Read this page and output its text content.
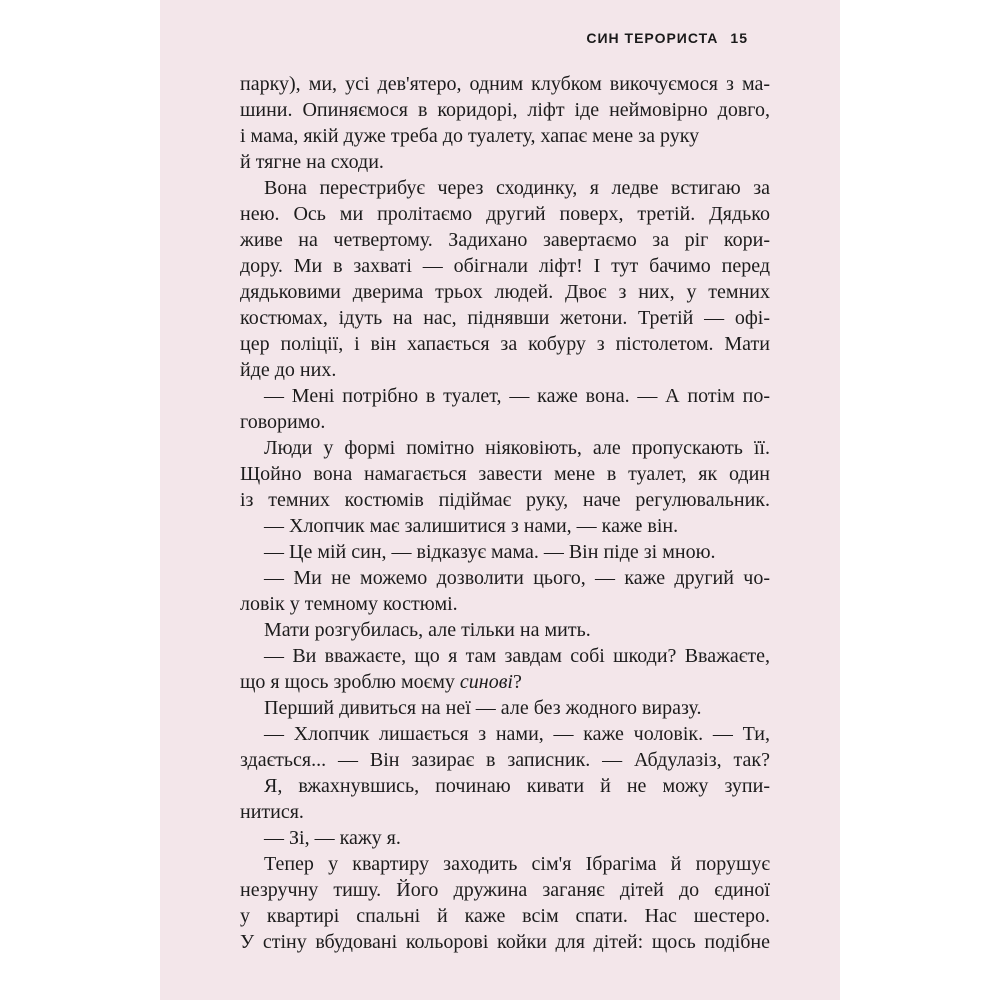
СИН ТЕРОРИСТА 15
парку), ми, усі дев'ятеро, одним клубком викочуємося з ма-
шини. Опиняємося в коридорі, ліфт іде неймовірно довго,
і мама, якій дуже треба до туалету, хапає мене за руку
й тягне на сходи.
Вона перестрибує через сходинку, я ледве встигаю за
нею. Ось ми пролітаємо другий поверх, третій. Дядько
живе на четвертому. Задихано завертаємо за ріг кори-
дору. Ми в захваті — обігнали ліфт! І тут бачимо перед
дядьковими дверима трьох людей. Двоє з них, у темних
костюмах, ідуть на нас, піднявши жетони. Третій — офі-
цер поліції, і він хапається за кобуру з пістолетом. Мати
йде до них.
— Мені потрібно в туалет, — каже вона. — А потім по-
говоримо.
Люди у формі помітно ніяковіють, але пропускають її.
Щойно вона намагається завести мене в туалет, як один
із темних костюмів підіймає руку, наче регулювальник.
— Хлопчик має залишитися з нами, — каже він.
— Це мій син, — відказує мама. — Він піде зі мною.
— Ми не можемо дозволити цього, — каже другий чо-
ловік у темному костюмі.
Мати розгубилась, але тільки на мить.
— Ви вважаєте, що я там завдам собі шкоди? Вважаєте,
що я щось зроблю моєму синові?
Перший дивиться на неї — але без жодного виразу.
— Хлопчик лишається з нами, — каже чоловік. — Ти,
здається... — Він зазирає в записник. — Абдулазіз, так?
Я, вжахнувшись, починаю кивати й не можу зупи-
нитися.
— Зі, — кажу я.
Тепер у квартиру заходить сім'я Ібрагіма й порушує
незручну тишу. Його дружина заганяє дітей до єдиної
у квартирі спальні й каже всім спати. Нас шестеро.
У стіну вбудовані кольорові койки для дітей: щось подібне
